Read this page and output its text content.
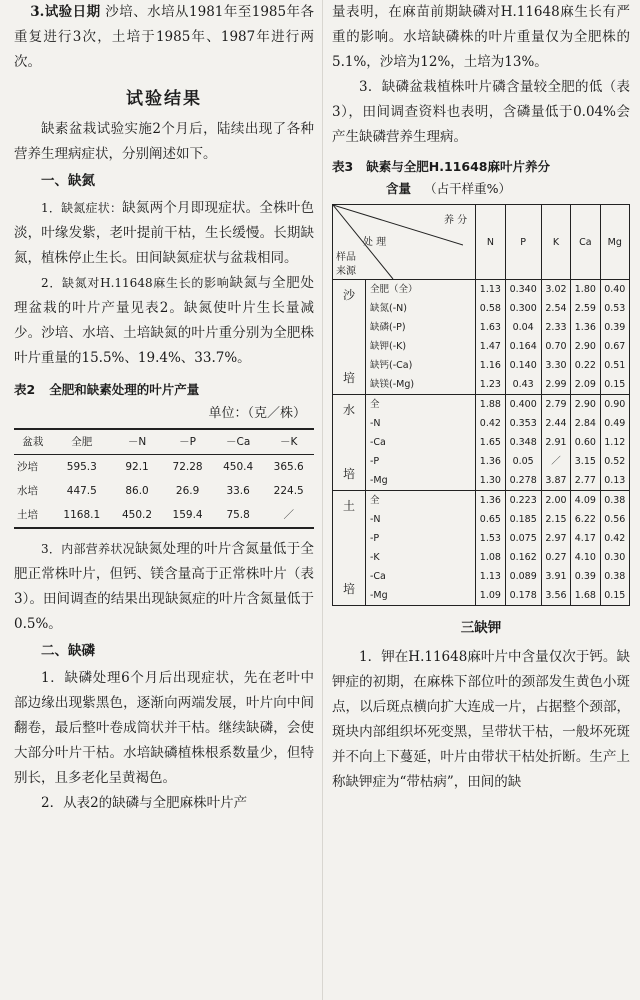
3.试验日期 沙培、水培从1981年至1985年各重复进行3次，土培于1985年、1987年进行两次。

试验结果

缺素盆栽试验实施2个月后，陆续出现了各种营养生理病症状，分别阐述如下。

一、缺氮

1．缺氮症状：缺氮两个月即现症状。全株叶色淡，叶缘发紫，老叶提前干枯，生长缓慢。长期缺氮，植株停止生长。田间缺氮症状与盆栽相同。

2．缺氮对H.11648麻生长的影响缺氮与全肥处理盆栽的叶片产量见表2。缺氮使叶片生长量减少。沙培、水培、土培缺氮的叶片重分别为全肥株叶片重量的15.5%、19.4%、33.7%。

表2 全肥和缺素处理的叶片产量
单位：（克／株）
盆栽	全肥	－N	－P	－Ca	－K
沙培	595.3	92.1	72.28	450.4	365.6
水培	447.5	86.0	26.9	33.6	224.5
土培	1168.1	450.2	159.4	75.8	／

3．内部营养状况缺氮处理的叶片含氮量低于全肥正常株叶片，但钙、镁含量高于正常株叶片（表3）。田间调查的结果出现缺氮症的叶片含氮量低于0.5%。

二、缺磷

1．缺磷处理6个月后出现症状，先在老叶中部边缘出现紫黑色，逐渐向两端发展，叶片向中间翻卷，最后整叶卷成筒状并干枯。继续缺磷，会使大部分叶片干枯。水培缺磷植株根系数量少，但特别长，且多老化呈黄褐色。

2．从表2的缺磷与全肥麻株叶片产

量表明，在麻苗前期缺磷对H.11648麻生长有严重的影响。水培缺磷株的叶片重量仅为全肥株的5.1%，沙培为12%，土培为13%。

3．缺磷盆栽植株叶片磷含量较全肥的低（表3），田间调查资料也表明，含磷量低于0.04%会产生缺磷营养生理病。

表3 缺素与全肥H.11648麻叶片养分
含量 （占干样重%）
养 分
处 理
样品
来源		N	P	K	Ca	Mg

沙
培	全肥（全）	1.13	0.340	3.02	1.80	0.40
	缺氮(-N)	0.58	0.300	2.54	2.59	0.53
	缺磷(-P)	1.63	0.04	2.33	1.36	0.39
	缺钾(-K)	1.47	0.164	0.70	2.90	0.67
	缺钙(-Ca)	1.16	0.140	3.30	0.22	0.51
	缺镁(-Mg)	1.23	0.43	2.99	2.09	0.15

水
培	全	1.88	0.400	2.79	2.90	0.90
	-N	0.42	0.353	2.44	2.84	0.49
	-Ca	1.65	0.348	2.91	0.60	1.12
	-P	1.36	0.05	／	3.15	0.52
	-Mg	1.30	0.278	3.87	2.77	0.13

土
培	全	1.36	0.223	2.00	4.09	0.38
	-N	0.65	0.185	2.15	6.22	0.56
	-P	1.53	0.075	2.97	4.17	0.42
	-K	1.08	0.162	0.27	4.10	0.30
	-Ca	1.13	0.089	3.91	0.39	0.38
	-Mg	1.09	0.178	3.56	1.68	0.15
三缺钾

1．钾在H.11648麻叶片中含量仅次于钙。缺钾症的初期，在麻株下部位叶的颈部发生黄色小斑点，以后斑点横向扩大连成一片，占据整个颈部，斑块内部组织坏死变黑，呈带状干枯，一般坏死斑并不向上下蔓延，叶片由带状干枯处折断。生产上称缺钾症为“带枯病”，田间的缺
